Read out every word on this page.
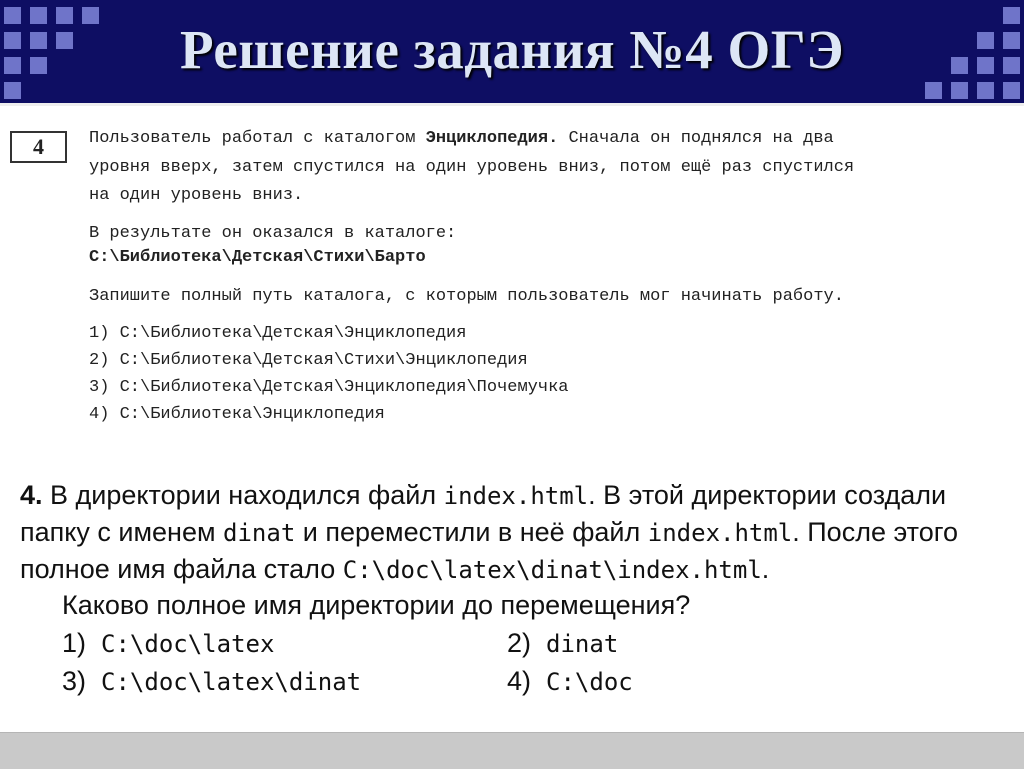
Решение задания №4 ОГЭ
4	Пользователь работал с каталогом Энциклопедия. Сначала он поднялся на два
уровня вверх, затем спустился на один уровень вниз, потом ещё раз спустился
на один уровень вниз.
В результате он оказался в каталоге:
С:\Библиотека\Детская\Стихи\Барто
Запишите полный путь каталога, с которым пользователь мог начинать работу.
1) С:\Библиотека\Детская\Энциклопедия
2) С:\Библиотека\Детская\Стихи\Энциклопедия
3) С:\Библиотека\Детская\Энциклопедия\Почемучка
4) С:\Библиотека\Энциклопедия
4. В директории находился файл index.html. В этой директории создали
папку с именем dinat и переместили в неё файл index.html. После этого
полное имя файла стало C:\doc\latex\dinat\index.html.
Каково полное имя директории до перемещения?
1) C:\doc\latex	2) dinat
3) C:\doc\latex\dinat	4) C:\doc
